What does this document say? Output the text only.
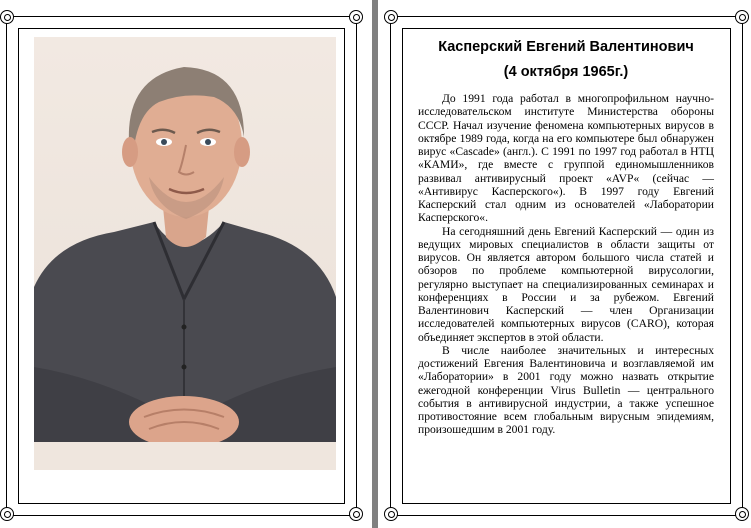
Касперский Евгений Валентинович
(4 октября 1965г.)

До 1991 года работал в многопрофильном научно-исследовательском институте Министерства обороны СССР. Начал изучение феномена компьютерных вирусов в октябре 1989 года, когда на его компьютере был обнаружен вирус «Cascade» (англ.). С 1991 по 1997 год работал в НТЦ «КАМИ», где вместе с группой единомышленников развивал антивирусный проект «AVP« (сейчас — «Антивирус Касперского«). В 1997 году Евгений Касперский стал одним из основателей «Лаборатории Касперского«.

На сегодняшний день Евгений Касперский — один из ведущих мировых специалистов в области защиты от вирусов. Он является автором большого числа статей и обзоров по проблеме компьютерной вирусологии, регулярно выступает на специализированных семинарах и конференциях в России и за рубежом. Евгений Валентинович Касперский — член Организации исследователей компьютерных вирусов (CARO), которая объединяет экспертов в этой области.

В числе наиболее значительных и интересных достижений Евгения Валентиновича и возглавляемой им «Лаборатории» в 2001 году можно назвать открытие ежегодной конференции Virus Bulletin — центрального события в антивирусной индустрии, а также успешное противостояние всем глобальным вирусным эпидемиям, произошедшим в 2001 году.
